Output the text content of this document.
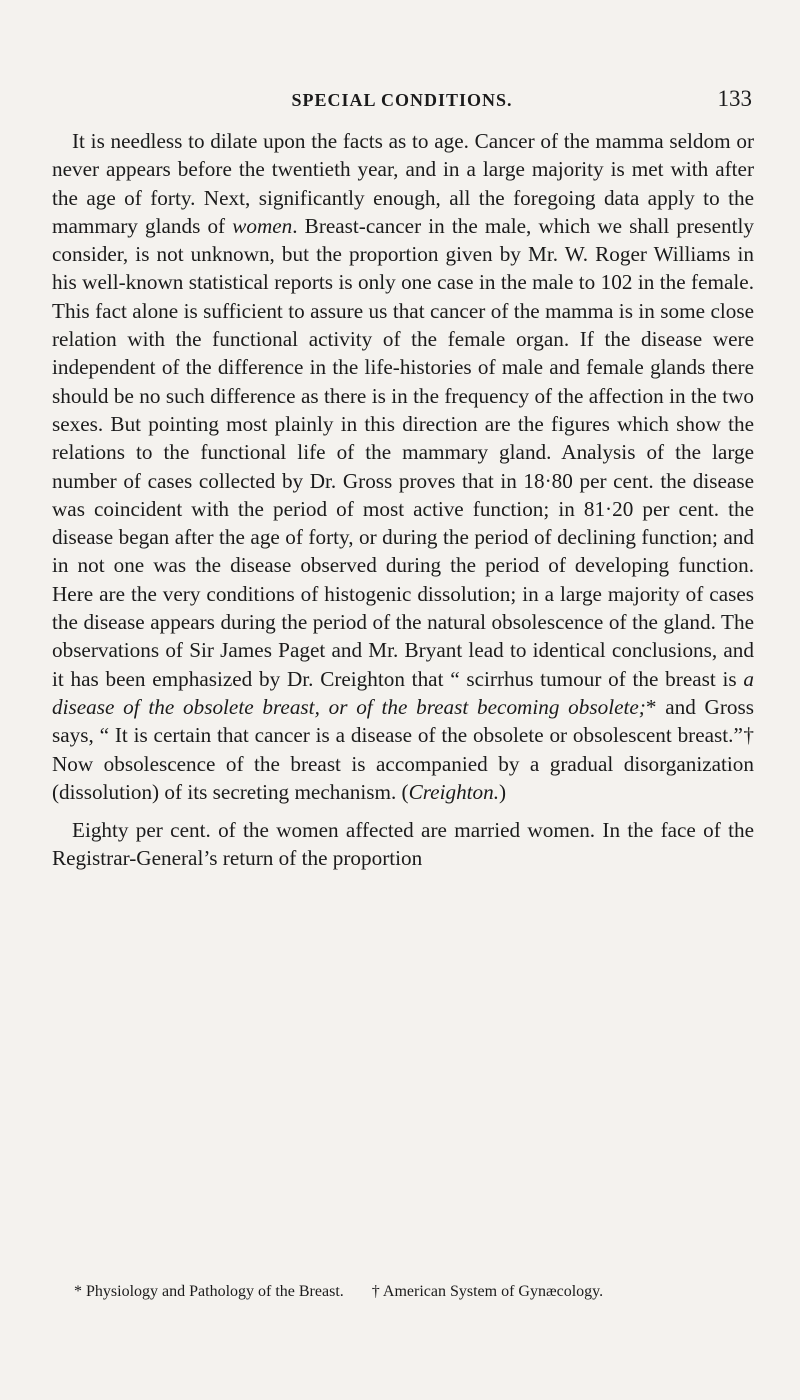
SPECIAL CONDITIONS.	133

It is needless to dilate upon the facts as to age. Cancer of the mamma seldom or never appears before the twentieth year, and in a large majority is met with after the age of forty. Next, significantly enough, all the foregoing data apply to the mammary glands of women. Breast-cancer in the male, which we shall presently consider, is not unknown, but the proportion given by Mr. W. Roger Williams in his well-known statistical reports is only one case in the male to 102 in the female. This fact alone is sufficient to assure us that cancer of the mamma is in some close relation with the functional activity of the female organ. If the disease were independent of the difference in the life-histories of male and female glands there should be no such difference as there is in the frequency of the affection in the two sexes. But pointing most plainly in this direction are the figures which show the relations to the functional life of the mammary gland. Analysis of the large number of cases collected by Dr. Gross proves that in 18·80 per cent. the disease was coincident with the period of most active function; in 81·20 per cent. the disease began after the age of forty, or during the period of declining function; and in not one was the disease observed during the period of developing function. Here are the very conditions of histogenic dissolution; in a large majority of cases the disease appears during the period of the natural obsolescence of the gland. The observations of Sir James Paget and Mr. Bryant lead to identical conclusions, and it has been emphasized by Dr. Creighton that “ scirrhus tumour of the breast is a disease of the obsolete breast, or of the breast becoming obsolete;* and Gross says, “ It is certain that cancer is a disease of the obsolete or obsolescent breast.”† Now obsolescence of the breast is accompanied by a gradual disorganization (dissolution) of its secreting mechanism. (Creighton.)

Eighty per cent. of the women affected are married women. In the face of the Registrar-General’s return of the proportion

* Physiology and Pathology of the Breast. † American System of Gynæcology.
